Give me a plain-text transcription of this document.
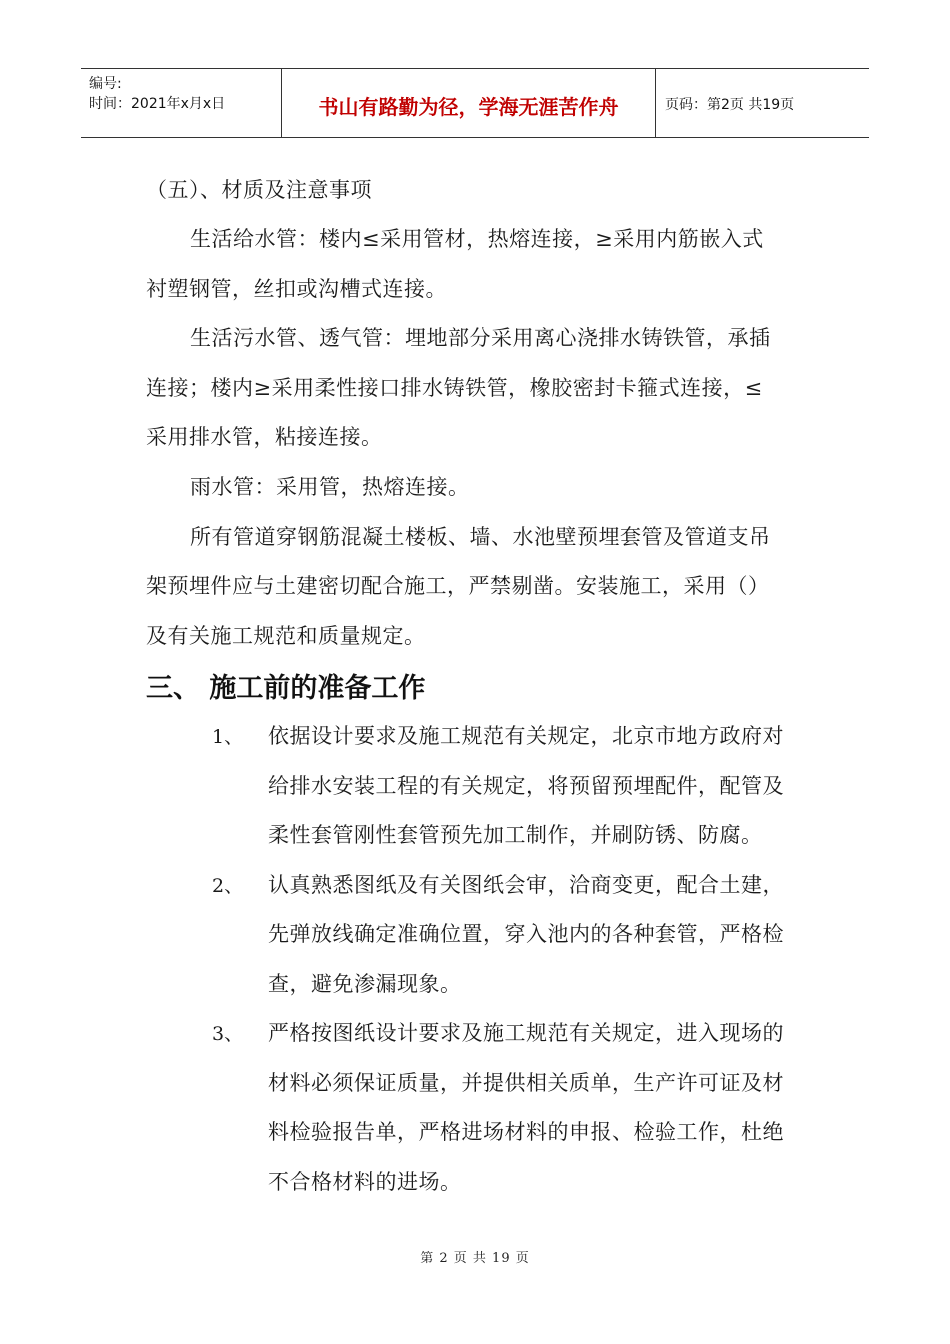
编号:
时间：2021年x月x日	书山有路勤为径，学海无涯苦作舟	页码：第2页 共19页
（五）、材质及注意事项
生活给水管：楼内≤采用管材，热熔连接，≥采用内筋嵌入式
衬塑钢管，丝扣或沟槽式连接。
生活污水管、透气管：埋地部分采用离心浇排水铸铁管，承插
连接；楼内≥采用柔性接口排水铸铁管，橡胶密封卡箍式连接，≤
采用排水管，粘接连接。
雨水管：采用管，热熔连接。
所有管道穿钢筋混凝土楼板、墙、水池壁预埋套管及管道支吊
架预埋件应与土建密切配合施工，严禁剔凿。安装施工，采用（）
及有关施工规范和质量规定。
三、 施工前的准备工作
1、 依据设计要求及施工规范有关规定，北京市地方政府对
给排水安装工程的有关规定，将预留预埋配件，配管及
柔性套管刚性套管预先加工制作，并刷防锈、防腐。
2、 认真熟悉图纸及有关图纸会审，洽商变更，配合土建，
先弹放线确定准确位置，穿入池内的各种套管，严格检
查，避免渗漏现象。
3、 严格按图纸设计要求及施工规范有关规定，进入现场的
材料必须保证质量，并提供相关质单，生产许可证及材
料检验报告单，严格进场材料的申报、检验工作，杜绝
不合格材料的进场。
第 2 页 共 19 页
